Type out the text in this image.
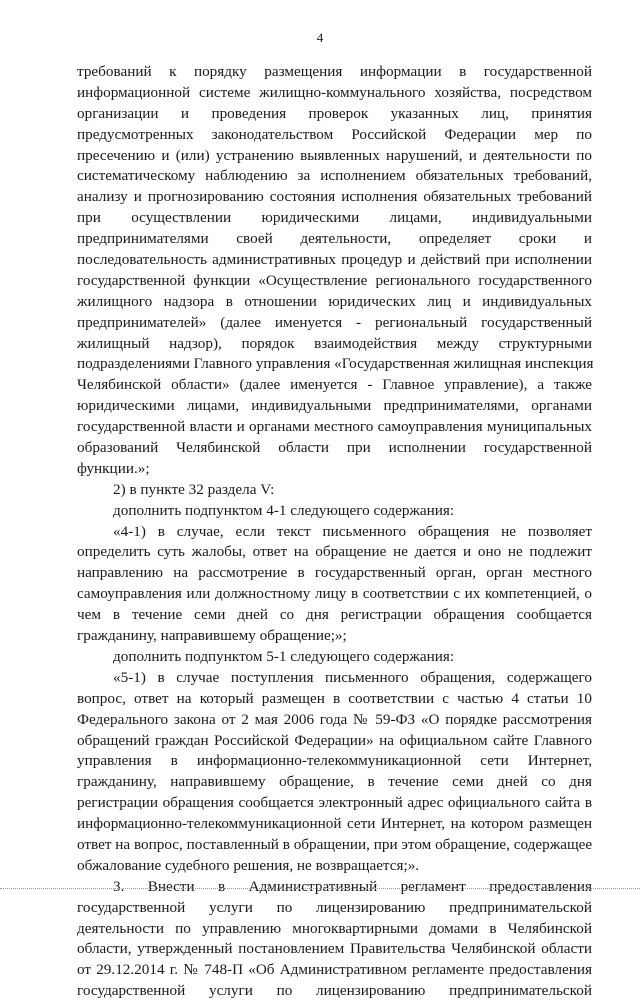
4
требований к порядку размещения информации в государственной
информационной системе жилищно-коммунального хозяйства, посредством
организации и проведения проверок указанных лиц, принятия
предусмотренных законодательством Российской Федерации мер по
пресечению и (или) устранению выявленных нарушений, и деятельности по
систематическому наблюдению за исполнением обязательных требований,
анализу и прогнозированию состояния исполнения обязательных требований
при осуществлении юридическими лицами, индивидуальными
предпринимателями своей деятельности, определяет сроки и
последовательность административных процедур и действий при исполнении
государственной функции «Осуществление регионального государственного
жилищного надзора в отношении юридических лиц и индивидуальных
предпринимателей» (далее именуется - региональный государственный
жилищный надзор), порядок взаимодействия между структурными
подразделениями Главного управления «Государственная жилищная инспекция
Челябинской области» (далее именуется - Главное управление), а также
юридическими лицами, индивидуальными предпринимателями, органами
государственной власти и органами местного самоуправления муниципальных
образований Челябинской области при исполнении государственной
функции.»;
2) в пункте 32 раздела V:
дополнить подпунктом 4-1 следующего содержания:
«4-1) в случае, если текст письменного обращения не позволяет
определить суть жалобы, ответ на обращение не дается и оно не подлежит
направлению на рассмотрение в государственный орган, орган местного
самоуправления или должностному лицу в соответствии с их компетенцией, о
чем в течение семи дней со дня регистрации обращения сообщается
гражданину, направившему обращение;»;
дополнить подпунктом 5-1 следующего содержания:
«5-1) в случае поступления письменного обращения, содержащего
вопрос, ответ на который размещен в соответствии с частью 4 статьи 10
Федерального закона от 2 мая 2006 года № 59-ФЗ «О порядке рассмотрения
обращений граждан Российской Федерации» на официальном сайте Главного
управления в информационно-телекоммуникационной сети Интернет,
гражданину, направившему обращение, в течение семи дней со дня
регистрации обращения сообщается электронный адрес официального сайта в
информационно-телекоммуникационной сети Интернет, на котором размещен
ответ на вопрос, поставленный в обращении, при этом обращение, содержащее
обжалование судебного решения, не возвращается;».
3. Внести в Административный регламент предоставления
государственной услуги по лицензированию предпринимательской
деятельности по управлению многоквартирными домами в Челябинской
области, утвержденный постановлением Правительства Челябинской области
от 29.12.2014 г. № 748-П «Об Административном регламенте предоставления
государственной услуги по лицензированию предпринимательской
